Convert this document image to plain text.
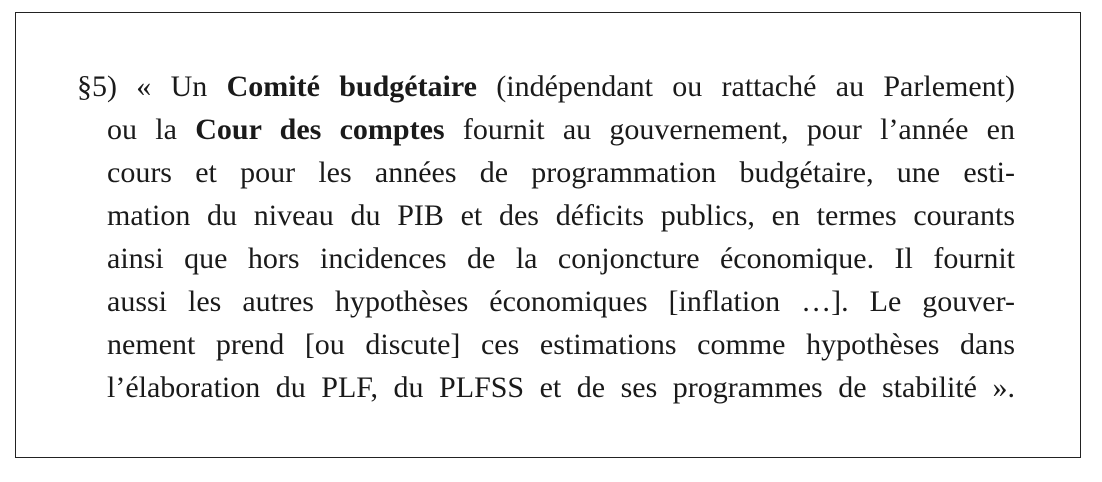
§5) « Un Comité budgétaire (indépendant ou rattaché au Parlement)
ou la Cour des comptes fournit au gouvernement, pour l’année en
cours et pour les années de programmation budgétaire, une esti-
mation du niveau du PIB et des déficits publics, en termes courants
ainsi que hors incidences de la conjoncture économique. Il fournit
aussi les autres hypothèses économiques [inflation …]. Le gouver-
nement prend [ou discute] ces estimations comme hypothèses dans
l’élaboration du PLF, du PLFSS et de ses programmes de stabilité ».
